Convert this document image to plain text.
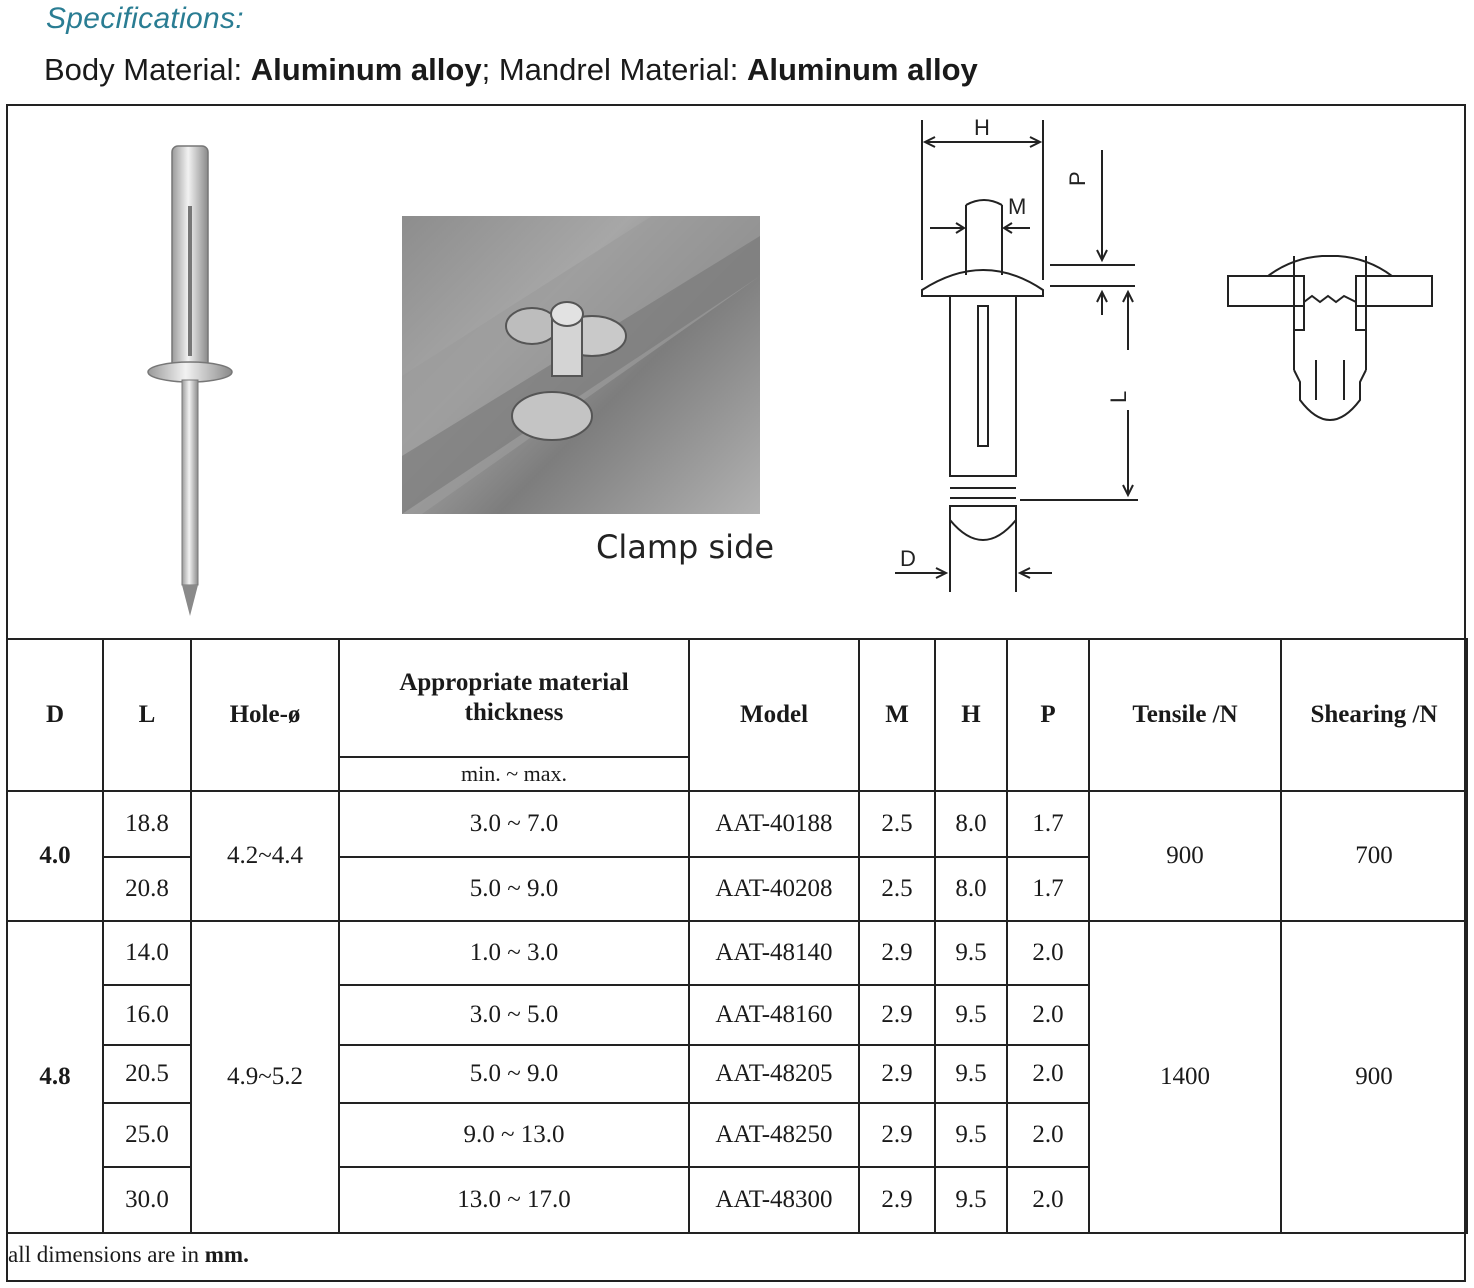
Specifications:
Body Material: Aluminum alloy; Mandrel Material: Aluminum alloy
Clamp side
H
M
P
L
D
D	L	Hole-ø	Appropriate material thickness	Model	M	H	P	Tensile /N	Shearing /N
			min. ~ max.						
4.0	18.8	4.2~4.4	3.0 ~ 7.0	AAT-40188	2.5	8.0	1.7	900	700
	20.8		5.0 ~ 9.0	AAT-40208	2.5	8.0	1.7		
4.8	14.0	4.9~5.2	1.0 ~ 3.0	AAT-48140	2.9	9.5	2.0	1400	900
	16.0		3.0 ~ 5.0	AAT-48160	2.9	9.5	2.0		
	20.5		5.0 ~ 9.0	AAT-48205	2.9	9.5	2.0		
	25.0		9.0 ~ 13.0	AAT-48250	2.9	9.5	2.0		
	30.0		13.0 ~ 17.0	AAT-48300	2.9	9.5	2.0		
all dimensions are in mm.
